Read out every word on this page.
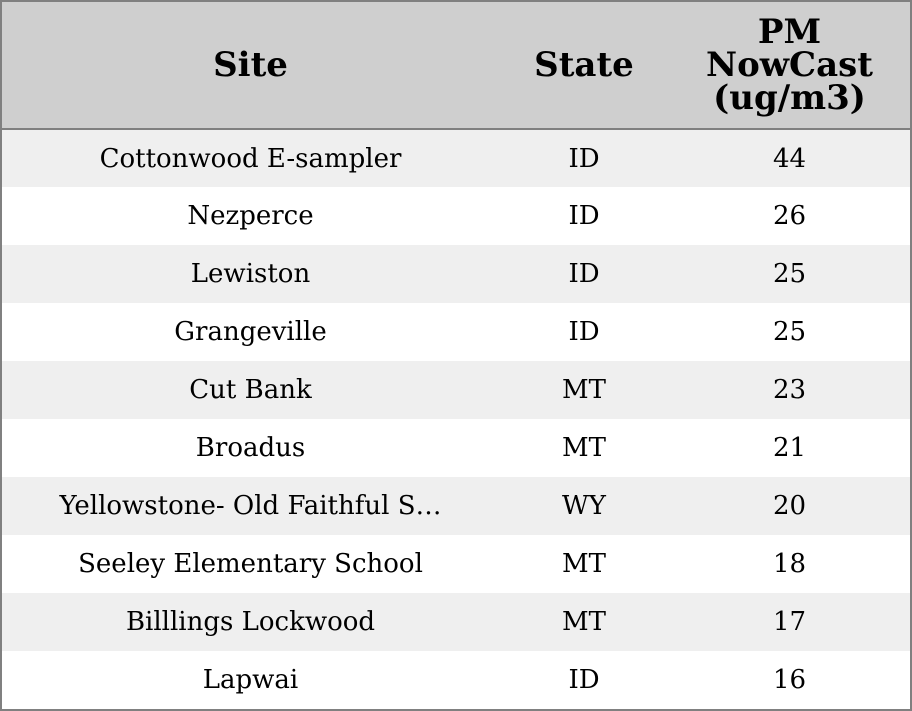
Site	State	PM
NowCast
(ug/m3)
Cottonwood E-sampler	ID	44
Nezperce	ID	26
Lewiston	ID	25
Grangeville	ID	25
Cut Bank	MT	23
Broadus	MT	21
Yellowstone- Old Faithful S…	WY	20
Seeley Elementary School	MT	18
Billlings Lockwood	MT	17
Lapwai	ID	16
